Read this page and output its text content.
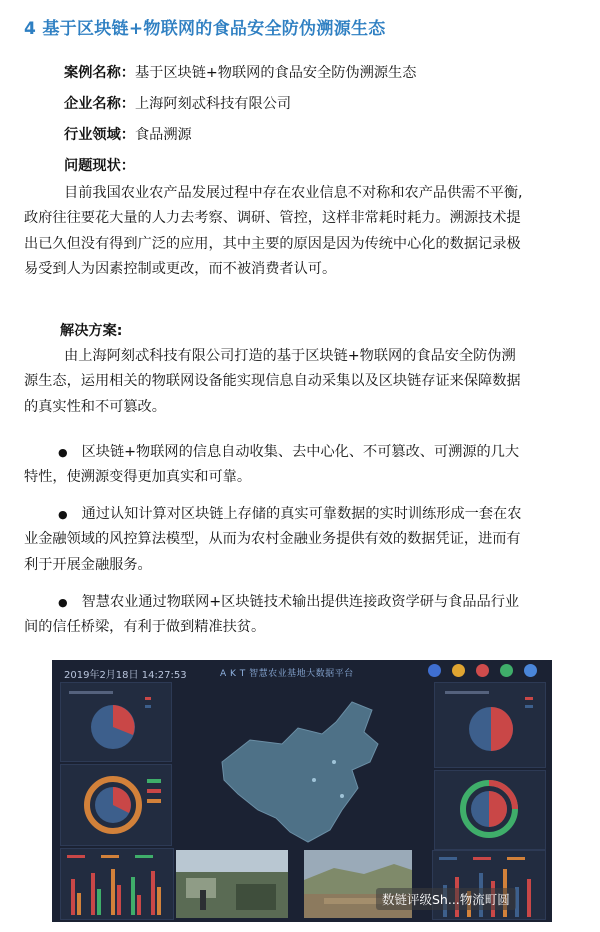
4 基于区块链+物联网的食品安全防伪溯源生态
案例名称：基于区块链+物联网的食品安全防伪溯源生态
企业名称：上海阿刻忒科技有限公司
行业领域：食品溯源
问题现状：
目前我国农业农产品发展过程中存在农业信息不对称和农产品供需不平衡,
政府往往要花大量的人力去考察、调研、管控，这样非常耗时耗力。溯源技术提
出已久但没有得到广泛的应用，其中主要的原因是因为传统中心化的数据记录极
易受到人为因素控制或更改，而不被消费者认可。
解决方案:
由上海阿刻忒科技有限公司打造的基于区块链+物联网的食品安全防伪溯
源生态，运用相关的物联网设备能实现信息自动采集以及区块链存证来保障数据
的真实性和不可篡改。
● 区块链+物联网的信息自动收集、去中心化、不可篡改、可溯源的几大
特性，使溯源变得更加真实和可靠。
● 通过认知计算对区块链上存储的真实可靠数据的实时训练形成一套在农
业金融领域的风控算法模型，从而为农村金融业务提供有效的数据凭证，进而有
利于开展金融服务。
● 智慧农业通过物联网+区块链技术输出提供连接政资学研与食品品行业
间的信任桥梁，有利于做到精准扶贫。
2019年2月18日 14:27:53	A K T 智慧农业基地大数据平台
数链评级Sh...物流町圆
